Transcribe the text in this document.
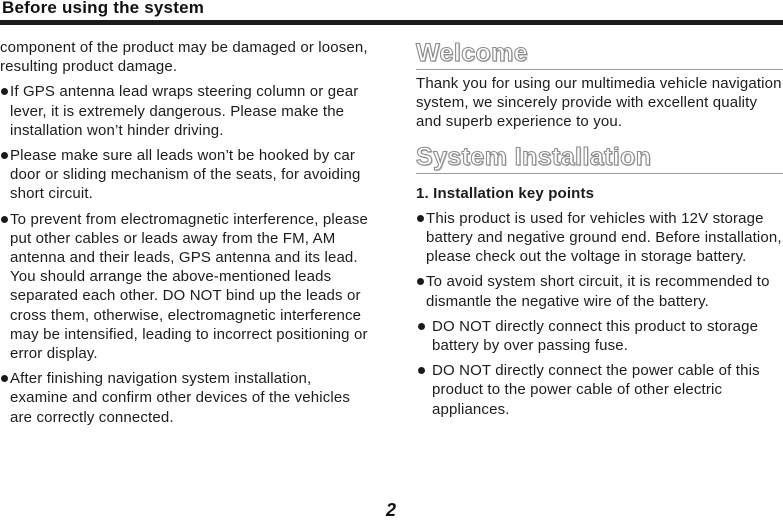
Before using the system

component of the product may be damaged or loosen, resulting product damage.

If GPS antenna lead wraps steering column or gear lever, it is extremely dangerous. Please make the installation won’t hinder driving.
Please make sure all leads won’t be hooked by car door or sliding mechanism of the seats, for avoiding short circuit.
To prevent from electromagnetic interference, please put other cables or leads away from the FM, AM antenna and their leads, GPS antenna and its lead. You should arrange the above-mentioned leads separated each other. DO NOT bind up the leads or cross them, otherwise, electromagnetic interference may be intensified, leading to incorrect positioning or error display.
After finishing navigation system installation, examine and confirm other devices of the vehicles are correctly connected.
Welcome

Thank you for using our multimedia vehicle navigation system, we sincerely provide with excellent quality and superb experience to you.

System Installation

1. Installation key points

This product is used for vehicles with 12V storage battery and negative ground end. Before installation, please check out the voltage in storage battery.
To avoid system short circuit, it is recommended to dismantle the negative wire of the battery.
DO NOT directly connect this product to storage battery by over passing fuse.
DO NOT directly connect the power cable of this product to the power cable of other electric appliances.
2
